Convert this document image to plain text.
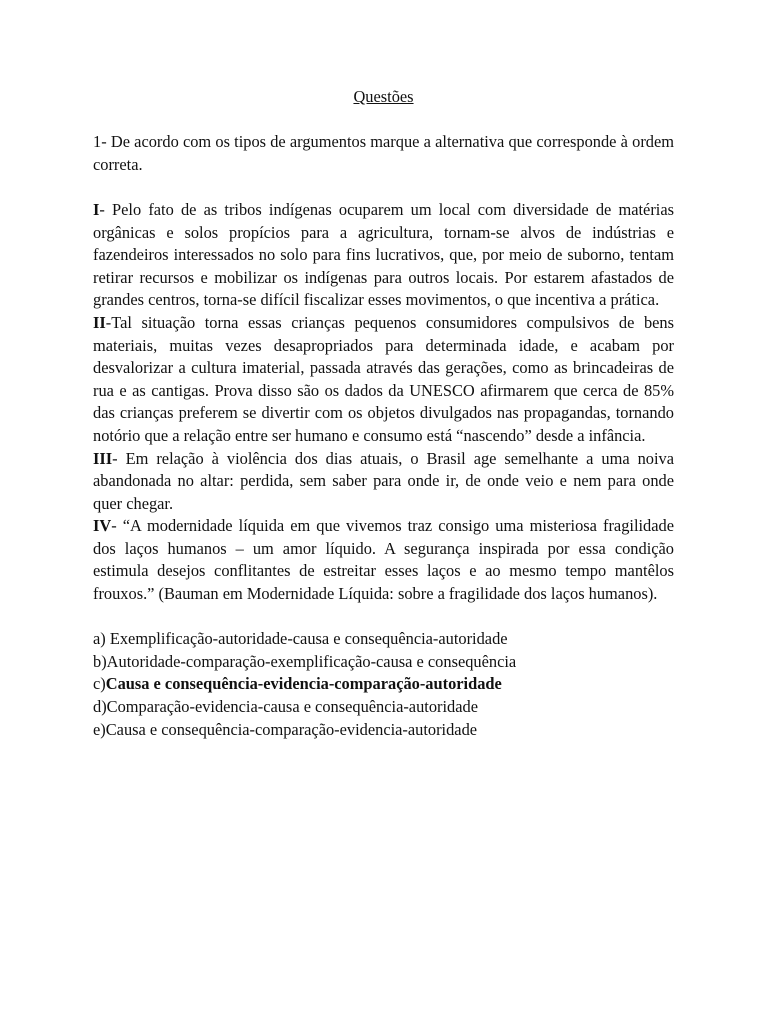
Questões

1- De acordo com os tipos de argumentos marque a alternativa que corresponde à ordem correta.

I- Pelo fato de as tribos indígenas ocuparem um local com diversidade de matérias orgânicas e solos propícios para a agricultura, tornam-se alvos de indústrias e fazendeiros interessados no solo para fins lucrativos, que, por meio de suborno, tentam retirar recursos e mobilizar os indígenas para outros locais. Por estarem afastados de grandes centros, torna-se difícil fiscalizar esses movimentos, o que incentiva a prática.

II-Tal situação torna essas crianças pequenos consumidores compulsivos de bens materiais, muitas vezes desapropriados para determinada idade, e acabam por desvalorizar a cultura imaterial, passada através das gerações, como as brincadeiras de rua e as cantigas. Prova disso são os dados da UNESCO afirmarem que cerca de 85% das crianças preferem se divertir com os objetos divulgados nas propagandas, tornando notório que a relação entre ser humano e consumo está “nascendo” desde a infância.

III- Em relação à violência dos dias atuais, o Brasil age semelhante a uma noiva abandonada no altar: perdida, sem saber para onde ir, de onde veio e nem para onde quer chegar.

IV- “A modernidade líquida em que vivemos traz consigo uma misteriosa fragilidade dos laços humanos – um amor líquido. A segurança inspirada por essa condição estimula desejos conflitantes de estreitar esses laços e ao mesmo tempo mantêlos frouxos.” (Bauman em Modernidade Líquida: sobre a fragilidade dos laços humanos).

a) Exemplificação-autoridade-causa e consequência-autoridade

b)Autoridade-comparação-exemplificação-causa e consequência

c)Causa e consequência-evidencia-comparação-autoridade

d)Comparação-evidencia-causa e consequência-autoridade

e)Causa e consequência-comparação-evidencia-autoridade
